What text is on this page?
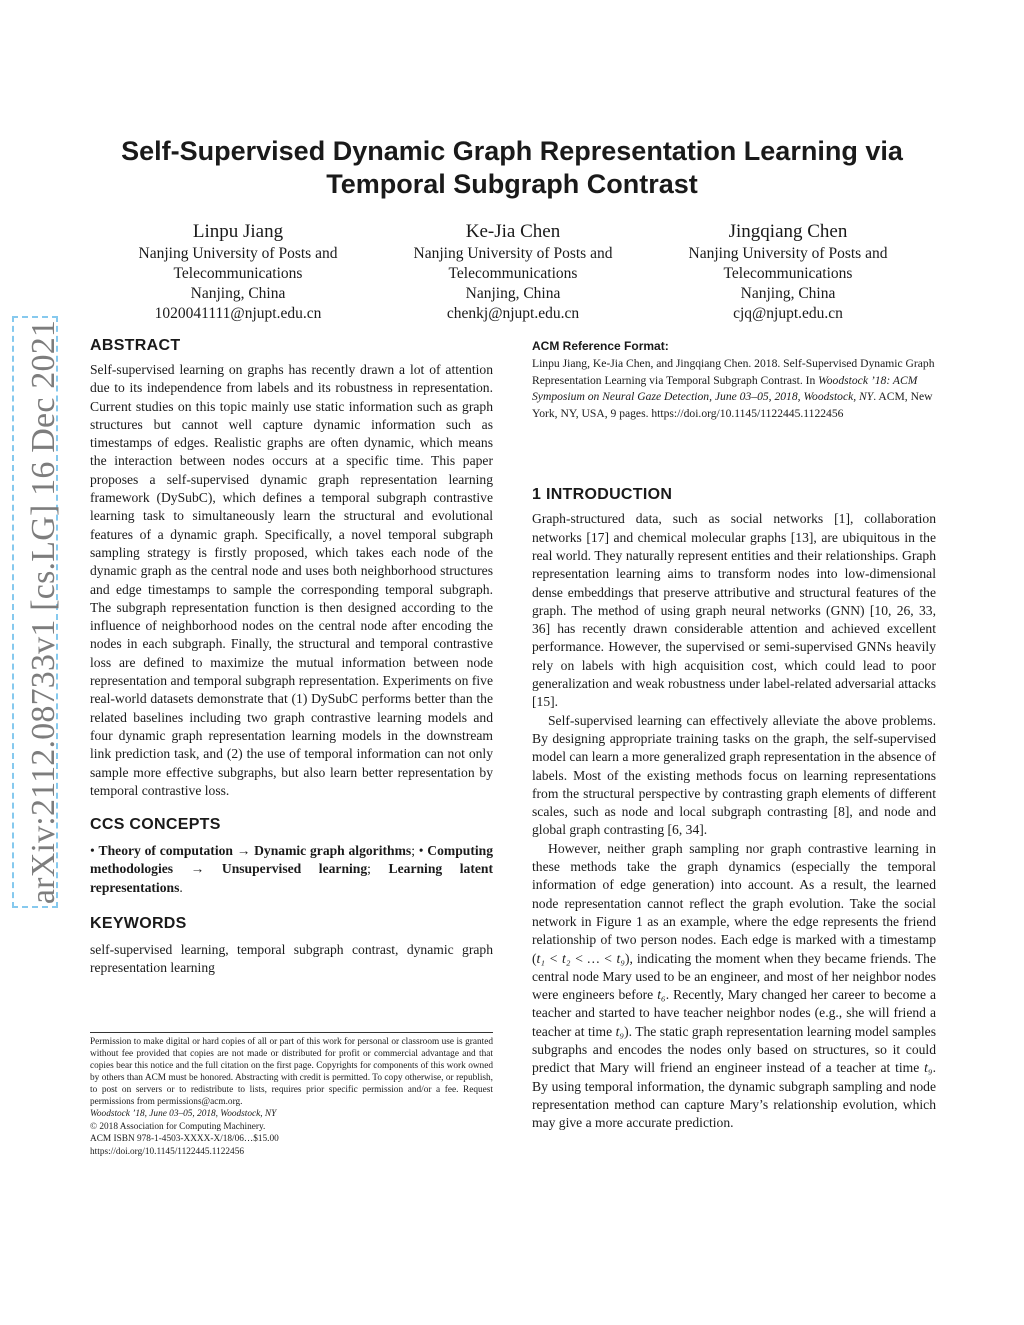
Self-Supervised Dynamic Graph Representation Learning via
Temporal Subgraph Contrast
Linpu Jiang
Nanjing University of Posts and
Telecommunications
Nanjing, China
1020041111@njupt.edu.cn
Ke-Jia Chen
Nanjing University of Posts and
Telecommunications
Nanjing, China
chenkj@njupt.edu.cn
Jingqiang Chen
Nanjing University of Posts and
Telecommunications
Nanjing, China
cjq@njupt.edu.cn
arXiv:2112.08733v1 [cs.LG] 16 Dec 2021 ABSTRACT

Self-supervised learning on graphs has recently drawn a lot of attention due to its independence from labels and its robustness in representation. Current studies on this topic mainly use static information such as graph structures but cannot well capture dynamic information such as timestamps of edges. Realistic graphs are often dynamic, which means the interaction between nodes occurs at a specific time. This paper proposes a self-supervised dynamic graph representation learning framework (DySubC), which defines a temporal subgraph contrastive learning task to simultaneously learn the structural and evolutional features of a dynamic graph. Specifically, a novel temporal subgraph sampling strategy is firstly proposed, which takes each node of the dynamic graph as the central node and uses both neighborhood structures and edge timestamps to sample the corresponding temporal subgraph. The subgraph representation function is then designed according to the influence of neighborhood nodes on the central node after encoding the nodes in each subgraph. Finally, the structural and temporal contrastive loss are defined to maximize the mutual information between node representation and temporal subgraph representation. Experiments on five real-world datasets demonstrate that (1) DySubC performs better than the related baselines including two graph contrastive learning models and four dynamic graph representation learning models in the downstream link prediction task, and (2) the use of temporal information can not only sample more effective subgraphs, but also learn better representation by temporal contrastive loss.

CCS CONCEPTS

• Theory of computation → Dynamic graph algorithms; • Computing methodologies → Unsupervised learning; Learning latent representations.

KEYWORDS

self-supervised learning, temporal subgraph contrast, dynamic graph representation learning

Permission to make digital or hard copies of all or part of this work for personal or classroom use is granted without fee provided that copies are not made or distributed for profit or commercial advantage and that copies bear this notice and the full citation on the first page. Copyrights for components of this work owned by others than ACM must be honored. Abstracting with credit is permitted. To copy otherwise, or republish, to post on servers or to redistribute to lists, requires prior specific permission and/or a fee. Request permissions from permissions@acm.org.

Woodstock ’18, June 03–05, 2018, Woodstock, NY

© 2018 Association for Computing Machinery.

ACM ISBN 978-1-4503-XXXX-X/18/06…$15.00

https://doi.org/10.1145/1122445.1122456

ACM Reference Format:

Linpu Jiang, Ke-Jia Chen, and Jingqiang Chen. 2018. Self-Supervised Dynamic Graph Representation Learning via Temporal Subgraph Contrast. In Woodstock ’18: ACM Symposium on Neural Gaze Detection, June 03–05, 2018, Woodstock, NY. ACM, New York, NY, USA, 9 pages. https://doi.org/10.1145/1122445.1122456

1 INTRODUCTION

Graph-structured data, such as social networks [1], collaboration networks [17] and chemical molecular graphs [13], are ubiquitous in the real world. They naturally represent entities and their relationships. Graph representation learning aims to transform nodes into low-dimensional dense embeddings that preserve attributive and structural features of the graph. The method of using graph neural networks (GNN) [10, 26, 33, 36] has recently drawn considerable attention and achieved excellent performance. However, the supervised or semi-supervised GNNs heavily rely on labels with high acquisition cost, which could lead to poor generalization and weak robustness under label-related adversarial attacks [15].

Self-supervised learning can effectively alleviate the above problems. By designing appropriate training tasks on the graph, the self-supervised model can learn a more generalized graph representation in the absence of labels. Most of the existing methods focus on learning representations from the structural perspective by contrasting graph elements of different scales, such as node and local subgraph contrasting [8], and node and global graph contrasting [6, 34].

However, neither graph sampling nor graph contrastive learning in these methods take the graph dynamics (especially the temporal information of edge generation) into account. As a result, the learned node representation cannot reflect the graph evolution. Take the social network in Figure 1 as an example, where the edge represents the friend relationship of two person nodes. Each edge is marked with a timestamp (t₁ < t₂ < … < t₉), indicating the moment when they became friends. The central node Mary used to be an engineer, and most of her neighbor nodes were engineers before t₆. Recently, Mary changed her career to become a teacher and started to have teacher neighbor nodes (e.g., she will friend a teacher at time t₉). The static graph representation learning model samples subgraphs and encodes the nodes only based on structures, so it could predict that Mary will friend an engineer instead of a teacher at time t₉. By using temporal information, the dynamic subgraph sampling and node representation method can capture Mary’s relationship evolution, which may give a more accurate prediction.
